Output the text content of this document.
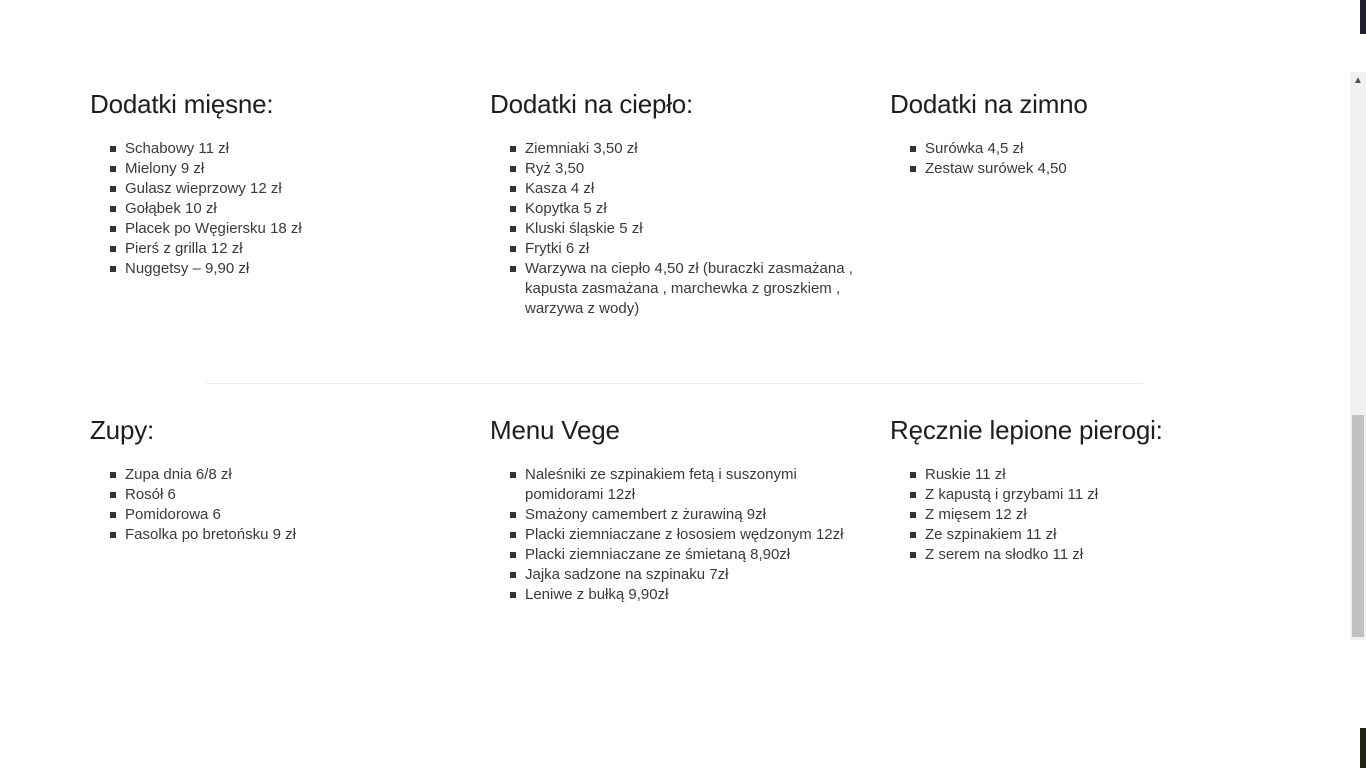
Dodatki mięsne:
Schabowy 11 zł
Mielony 9 zł
Gulasz wieprzowy 12 zł
Gołąbek 10 zł
Placek po Węgiersku 18 zł
Pierś z grilla 12 zł
Nuggetsy – 9,90 zł
Dodatki na ciepło:
Ziemniaki 3,50 zł
Ryż 3,50
Kasza 4 zł
Kopytka 5 zł
Kluski śląskie 5 zł
Frytki 6 zł
Warzywa na ciepło 4,50 zł (buraczki zasmażana , kapusta zasmażana , marchewka z groszkiem , warzywa z wody)
Dodatki na zimno
Surówka 4,5 zł
Zestaw surówek 4,50
Zupy:
Zupa dnia 6/8 zł
Rosół 6
Pomidorowa 6
Fasolka po bretońsku 9 zł
Menu Vege
Naleśniki ze szpinakiem fetą i suszonymi pomidorami 12zł
Smażony camembert z żurawiną 9zł
Placki ziemniaczane z łososiem wędzonym 12zł
Placki ziemniaczane ze śmietaną 8,90zł
Jajka sadzone na szpinaku 7zł
Leniwe z bułką 9,90zł
Ręcznie lepione pierogi:
Ruskie 11 zł
Z kapustą i grzybami 11 zł
Z mięsem 12 zł
Ze szpinakiem 11 zł
Z serem na słodko 11 zł
▲
